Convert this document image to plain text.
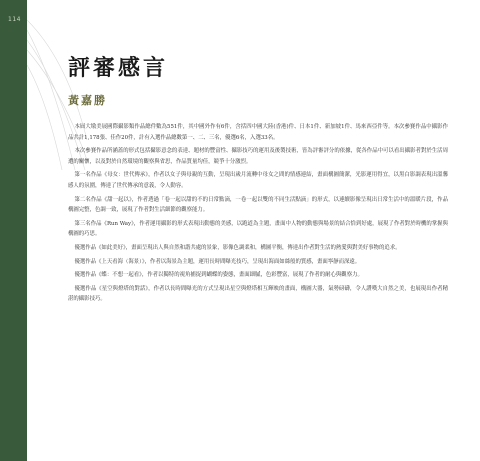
114
評審感言
黃嘉勝

本屆大墩美展國際攝影類作品總件數為551件，其中國外作有6件，含括四中國大陸(香港)件、日本1件、新加坡1件、馬來西亞件等。本次參賽作品中攝影作品共計1,178張、佳作20件，計有入選作品總數第一、二、三名，優選6名，入選33名。

本次參賽作品所涵蓋的形式包括攝影意念的表達、題材的豐富性、攝影技巧的運用及後製技術，皆為評審評分的依據，從各作品中可以看出攝影者對於生活周遭的關懷，以及對於自然環境的觀察與省思，作品質量均佳，競爭十分激烈。

第一名作品《母女：世代傳承》，作者以女子與母親的互動，呈現出歲月流轉中母女之間的情感連結，畫面構圖簡潔，光影運用得宜，以黑白影調表現出溫馨感人的氛圍，傳達了世代傳承的意義，令人動容。

第二名作品《甜一起以》，作者透過「卷一起以甜的不的日常點滴，一卷一起以雙的不同生活點滴」的形式，以連續影像呈現出日常生活中的溫暖片段，作品構圖完整，色調一致，展現了作者對生活細節的觀察能力。

第三名作品《Run Way》，作者運用攝影的形式表現出動態的美感，以跑道為主題，畫面中人物的動態與場景的結合恰到好處，展現了作者對於時機的掌握與構圖的巧思。

優選作品《如此美好》，畫面呈現出人與自然和諧共處的景象，影像色調柔和，構圖平衡，傳達出作者對生活的熱愛與對美好事物的追求。

優選作品《上天看海（海景）》，作者以海景為主題，運用長時間曝光技巧，呈現出海面如絲般的質感，畫面寧靜而深遠。

優選作品《蝶：不想一起看》，作者以獨特的視角捕捉到蝴蝶的姿態，畫面細膩，色彩豐富，展現了作者的耐心與觀察力。

優選作品《星空與燈塔的對話》，作者以長時間曝光的方式呈現出星空與燈塔相互輝映的畫面，構圖大器，氣勢磅礴，令人讚嘆大自然之美，也展現出作者精湛的攝影技巧。
